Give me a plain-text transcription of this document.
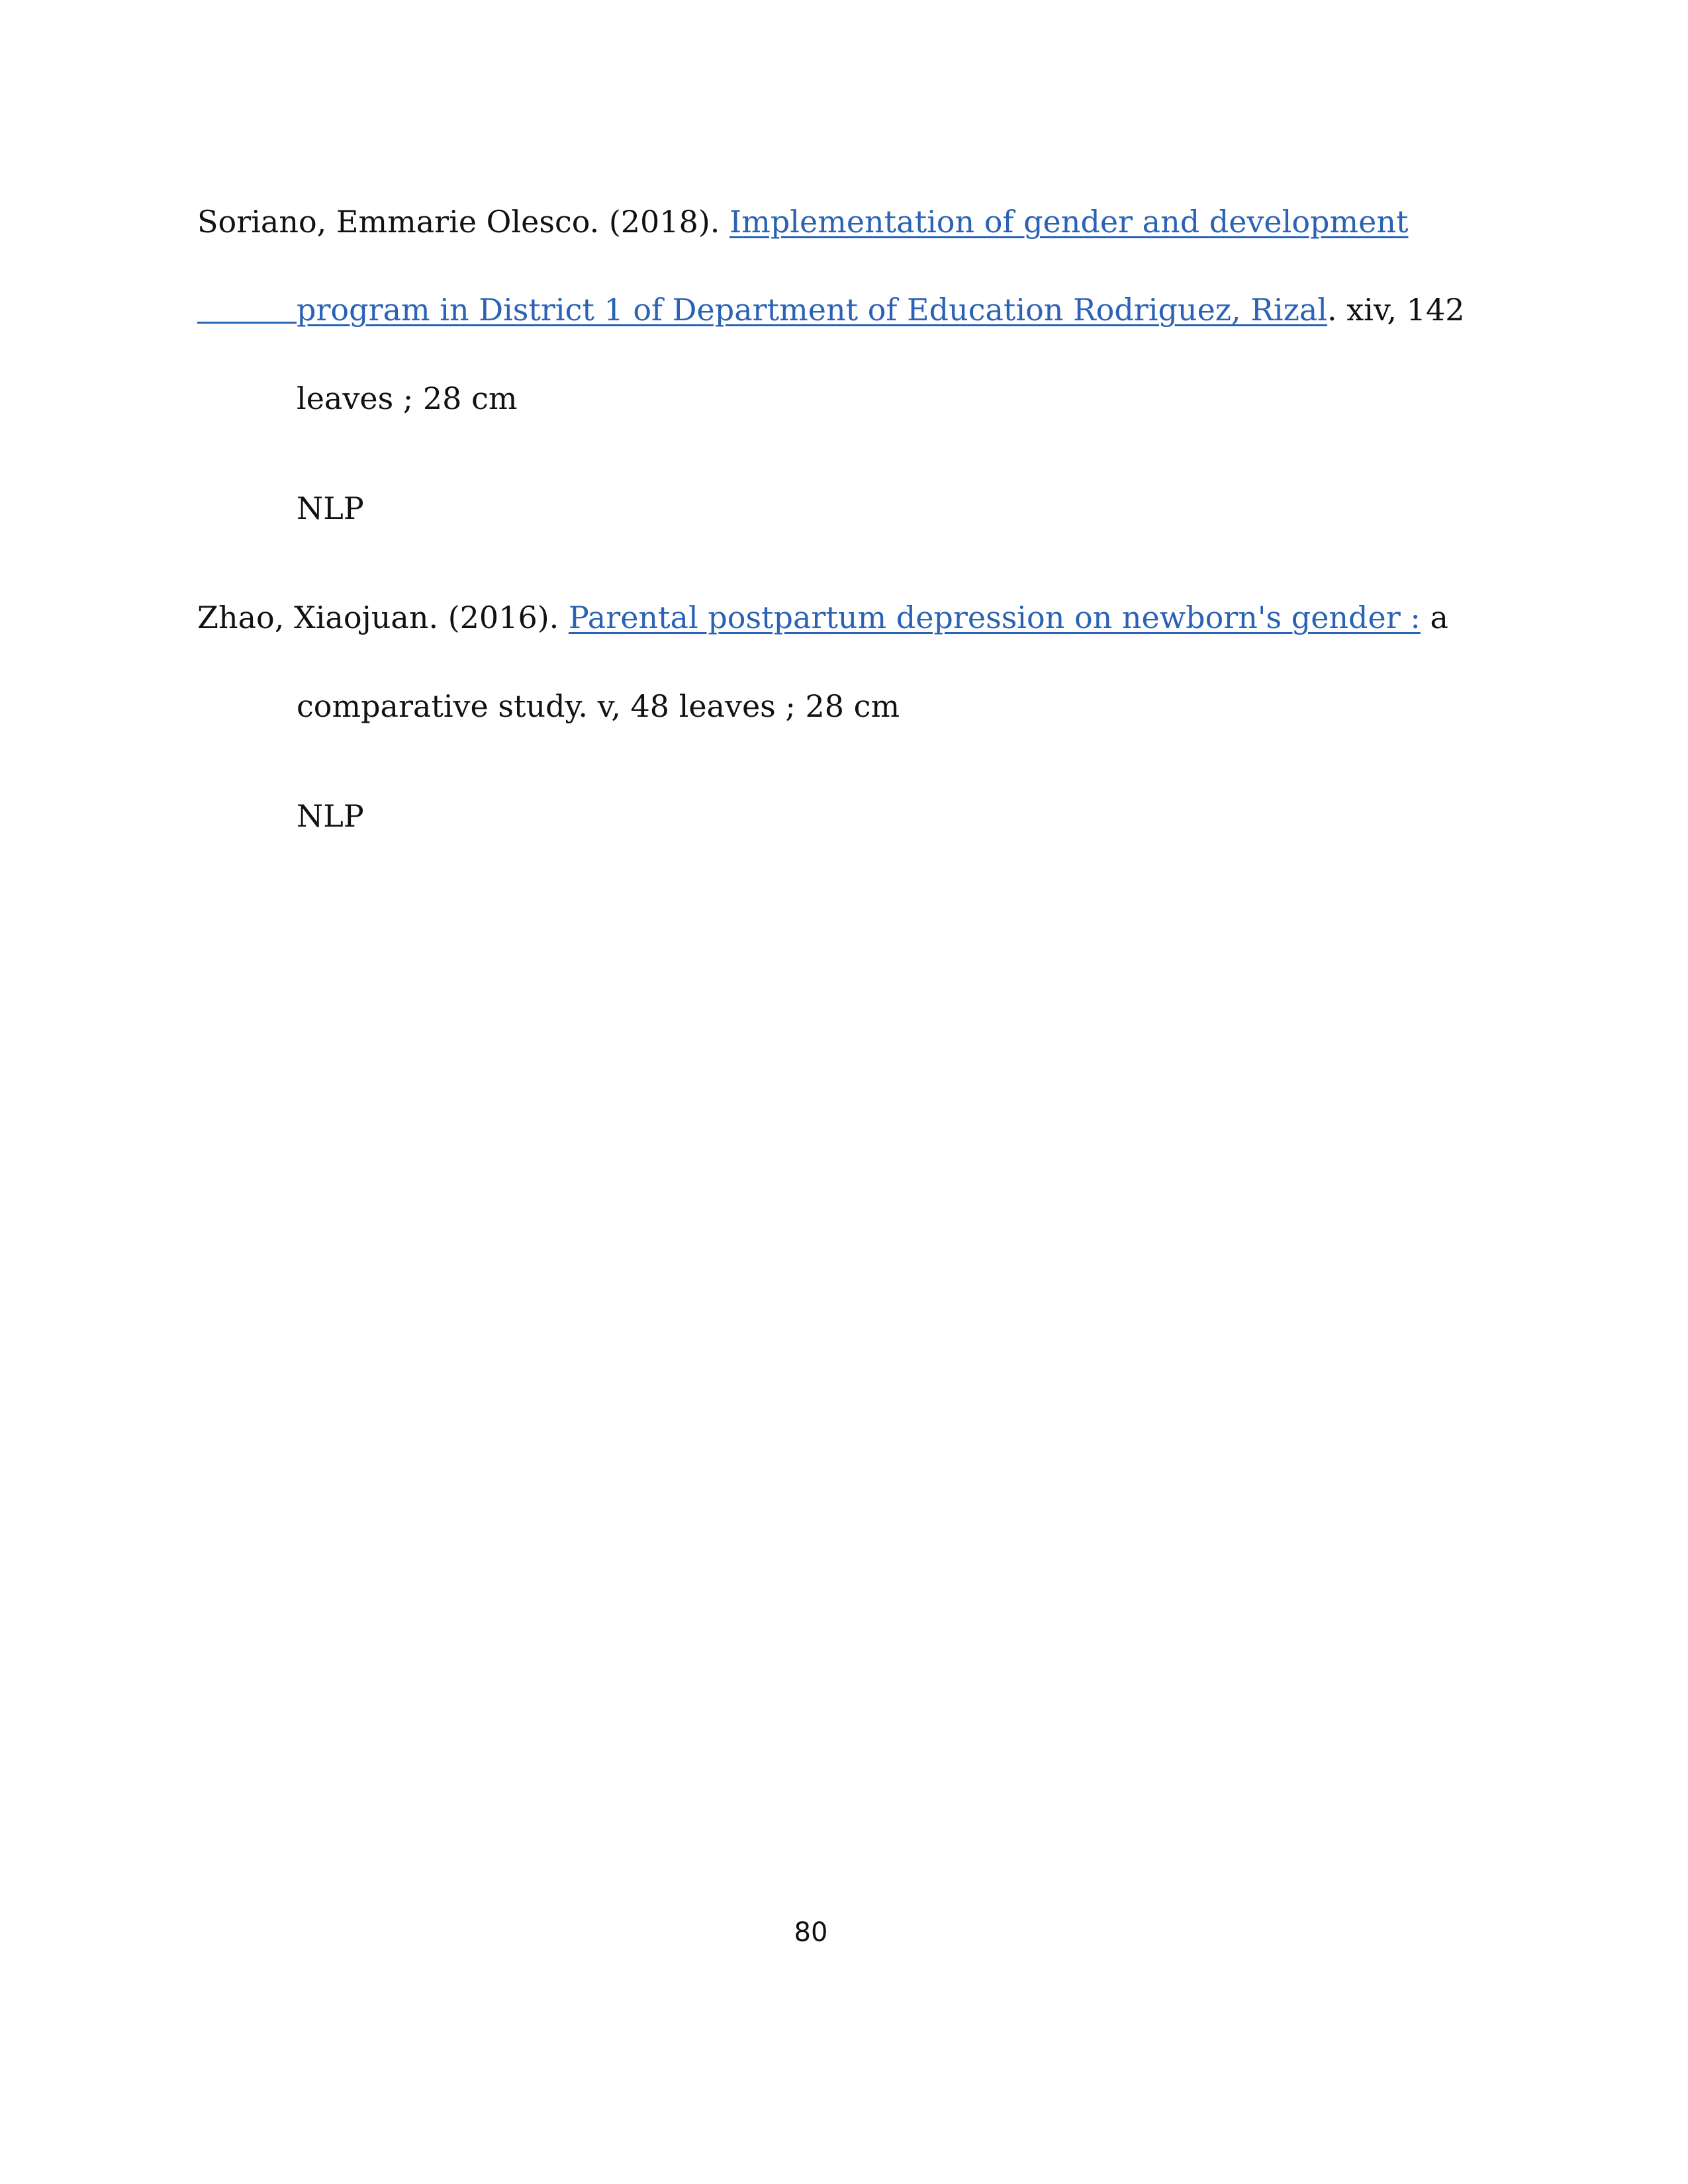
Soriano, Emmarie Olesco. (2018). Implementation of gender and development
program in District 1 of Department of Education Rodriguez, Rizal. xiv, 142
leaves ; 28 cm
NLP
Zhao, Xiaojuan. (2016). Parental postpartum depression on newborn's gender : a
comparative study. v, 48 leaves ; 28 cm
NLP
80
